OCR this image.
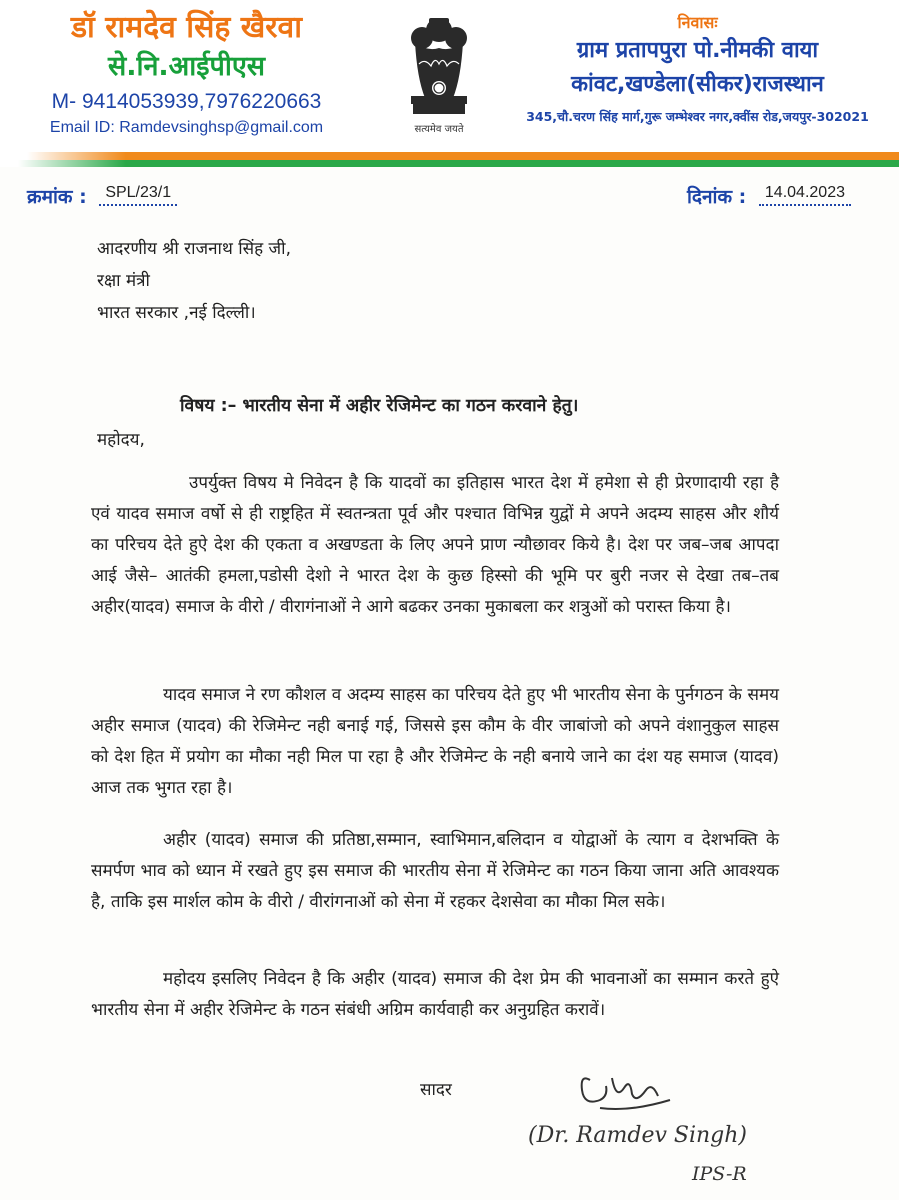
डॉ रामदेव सिंह खैरवा
से.नि.आईपीएस
M- 9414053939,7976220663
Email ID: Ramdevsinghsp@gmail.com	सत्यमेव जयते
निवासः
ग्राम प्रतापपुरा पो.नीमकी वाया
कांवट,खण्डेला(सीकर)राजस्थान
345,चौ.चरण सिंह मार्ग,गुरू जम्भेश्वर नगर,क्वींस रोड,जयपुर-302021
क्रमांक : SPL/23/1	दिनांक : 14.04.2023
आदरणीय श्री राजनाथ सिंह जी,
रक्षा मंत्री
भारत सरकार ,नई दिल्ली।
विषय :– भारतीय सेना में अहीर रेजिमेन्ट का गठन करवाने हेतु।
महोदय,
उपर्युक्त विषय मे निवेदन है कि यादवों का इतिहास भारत देश में हमेशा से ही प्रेरणादायी रहा है एवं यादव समाज वर्षो से ही राष्ट्रहित में स्वतन्त्रता पूर्व और पश्चात विभिन्न युद्वों मे अपने अदम्य साहस और शौर्य का परिचय देते हुऐ देश की एकता व अखण्डता के लिए अपने प्राण न्यौछावर किये है। देश पर जब–जब आपदा आई जैसे– आतंकी हमला,पडोसी देशो ने भारत देश के कुछ हिस्सो की भूमि पर बुरी नजर से देखा तब–तब अहीर(यादव) समाज के वीरो / वीरागंनाओं ने आगे बढकर उनका मुकाबला कर शत्रुओं को परास्त किया है।
यादव समाज ने रण कौशल व अदम्य साहस का परिचय देते हुए भी भारतीय सेना के पुर्नगठन के समय अहीर समाज (यादव) की रेजिमेन्ट नही बनाई गई, जिससे इस कौम के वीर जाबांजो को अपने वंशानुकुल साहस को देश हित में प्रयोग का मौका नही मिल पा रहा है और रेजिमेन्ट के नही बनाये जाने का दंश यह समाज (यादव) आज तक भुगत रहा है।
अहीर (यादव) समाज की प्रतिष्ठा,सम्मान, स्वाभिमान,बलिदान व योद्वाओं के त्याग व देशभक्ति के समर्पण भाव को ध्यान में रखते हुए इस समाज की भारतीय सेना में रेजिमेन्ट का गठन किया जाना अति आवश्यक है, ताकि इस मार्शल कोम के वीरो / वीरांगनाओं को सेना में रहकर देशसेवा का मौका मिल सके।
महोदय इसलिए निवेदन है कि अहीर (यादव) समाज की देश प्रेम की भावनाओं का सम्मान करते हुऐ भारतीय सेना में अहीर रेजिमेन्ट के गठन संबंधी अग्रिम कार्यवाही कर अनुग्रहित करावें।
सादर
(Dr. Ramdev Singh)
IPS-R
